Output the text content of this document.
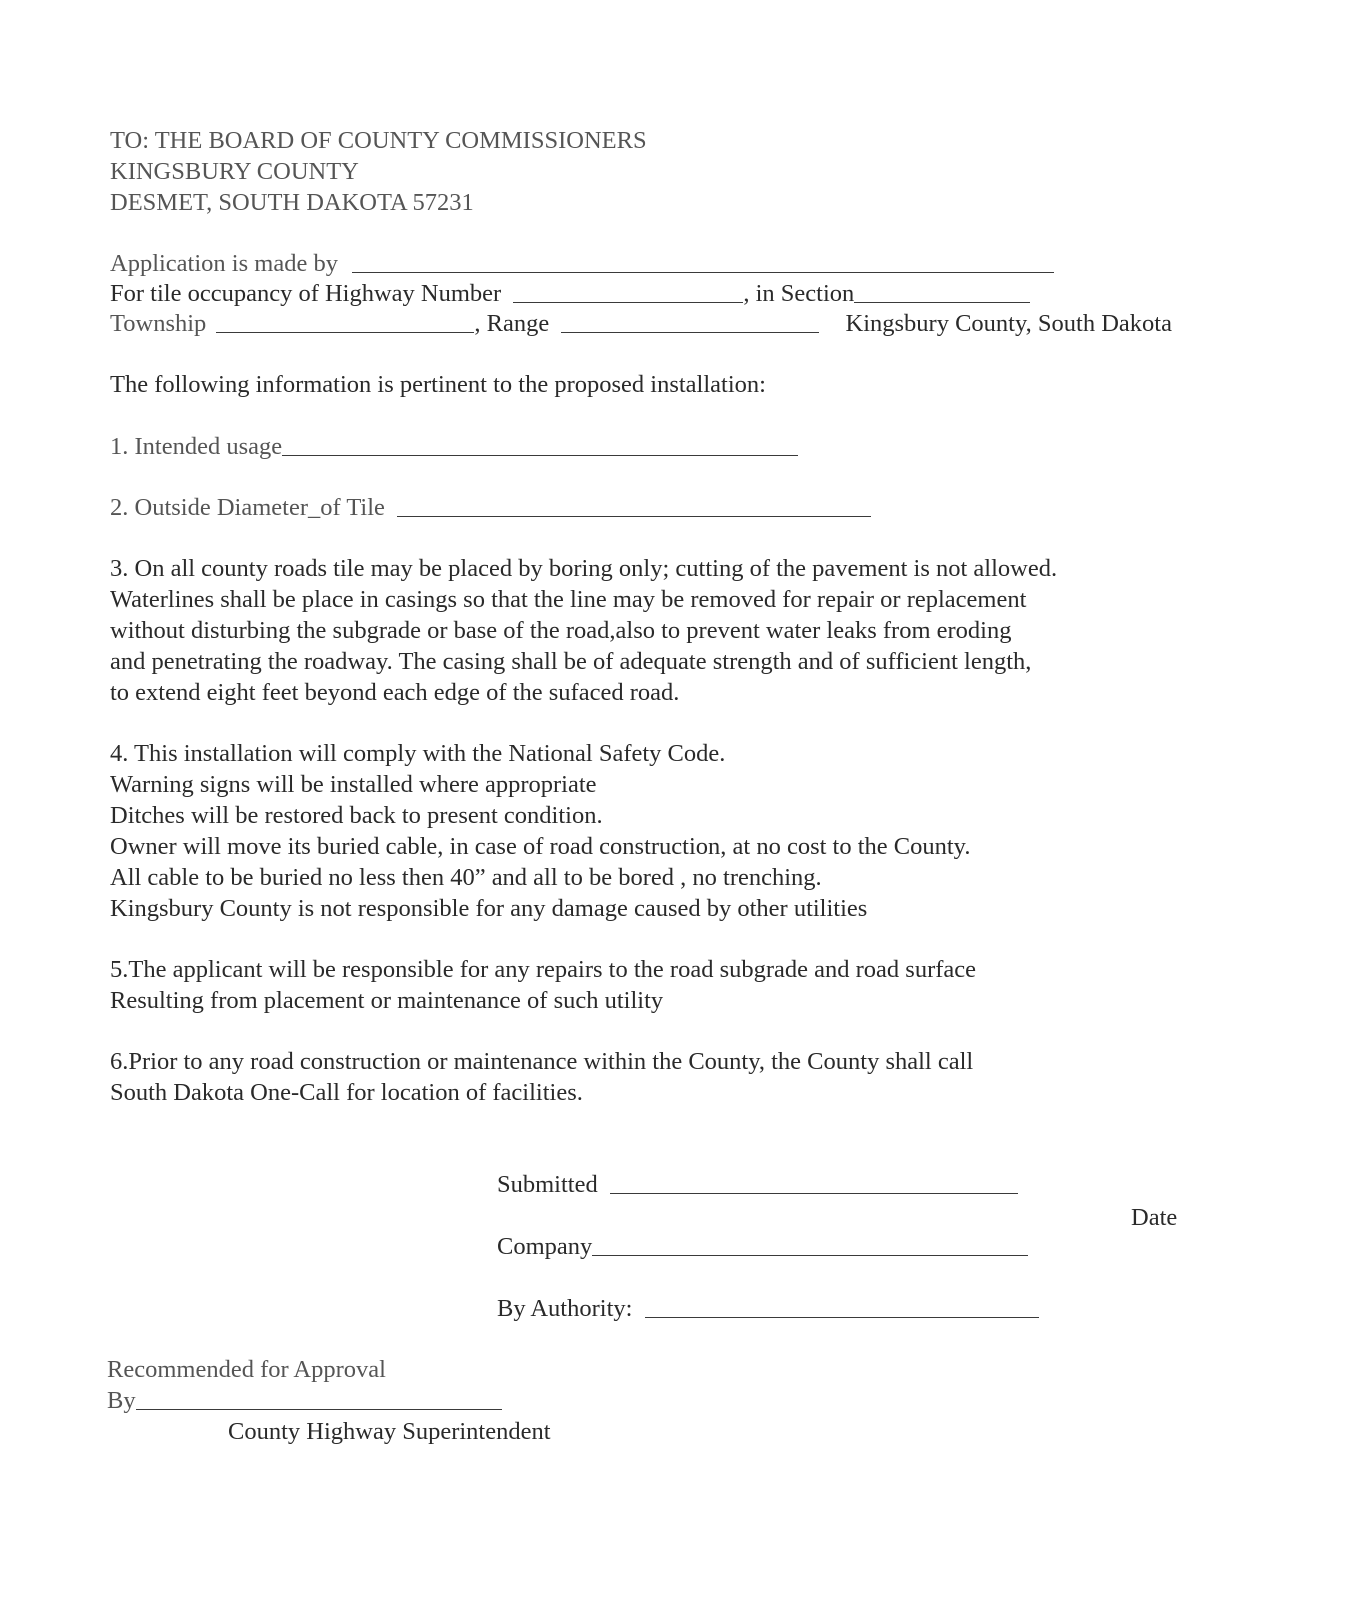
TO: THE BOARD OF COUNTY COMMISSIONERS
KINGSBURY COUNTY
DESMET, SOUTH DAKOTA 57231
Application is made by
For tile occupancy of Highway Number	, in Section
Township	, Range	Kingsbury County, South Dakota
The following information is pertinent to the proposed installation:
1. Intended usage
2. Outside Diameter_of Tile
3. On all county roads tile may be placed by boring only; cutting of the pavement is not allowed.
Waterlines shall be place in casings so that the line may be removed for repair or replacement
without disturbing the subgrade or base of the road,also to prevent water leaks from eroding
and penetrating the roadway. The casing shall be of adequate strength and of sufficient length,
to extend eight feet beyond each edge of the sufaced road.
4. This installation will comply with the National Safety Code.
Warning signs will be installed where appropriate
Ditches will be restored back to present condition.
Owner will move its buried cable, in case of road construction, at no cost to the County.
All cable to be buried no less then 40” and all to be bored , no trenching.
Kingsbury County is not responsible for any damage caused by other utilities
5.The applicant will be responsible for any repairs to the road subgrade and road surface
Resulting from placement or maintenance of such utility
6.Prior to any road construction or maintenance within the County, the County shall call
South Dakota One-Call for location of facilities.
Submitted
Date
Company
By Authority:
Recommended for Approval
By
County Highway Superintendent
